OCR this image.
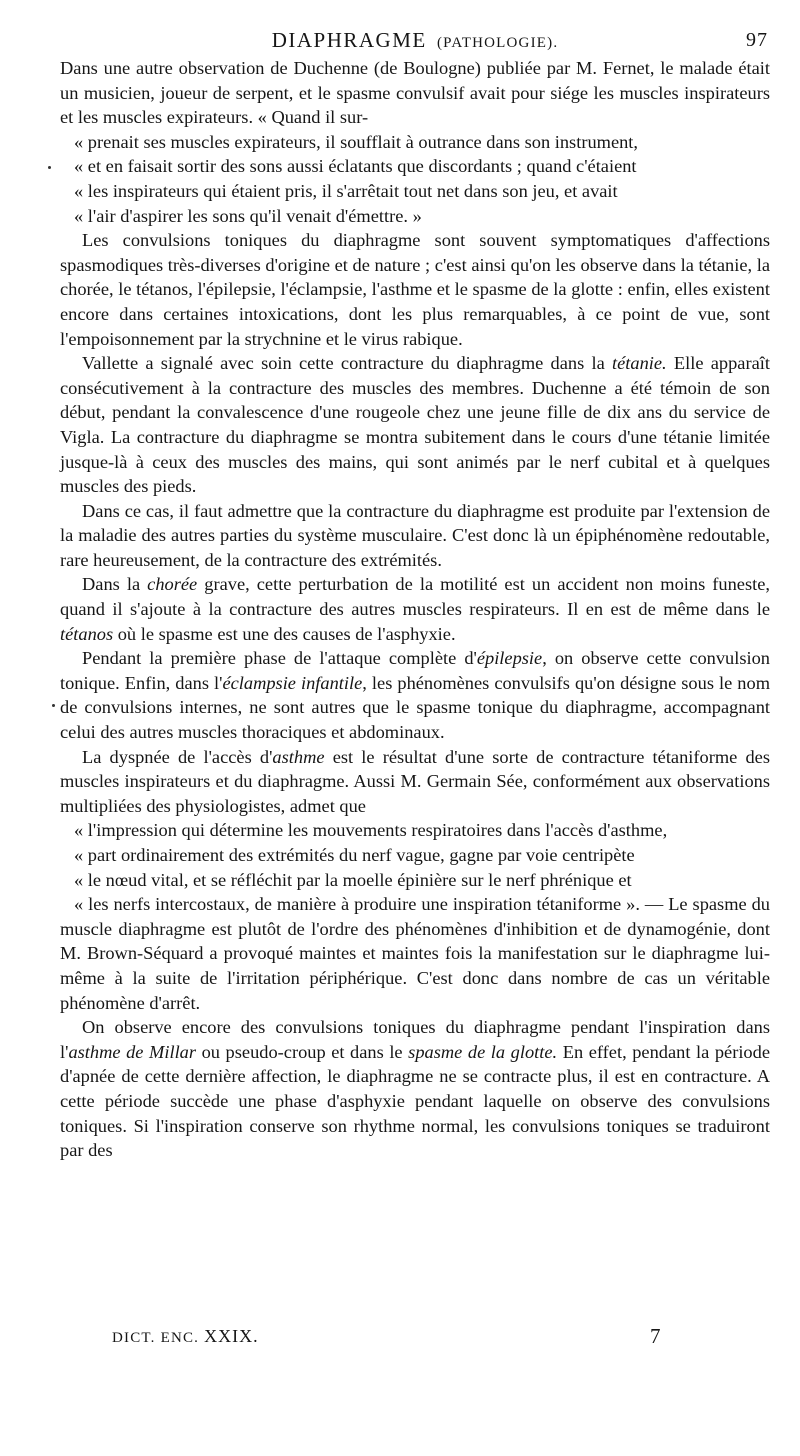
DIAPHRAGME (PATHOLOGIE).	97

Dans une autre observation de Duchenne (de Boulogne) publiée par M. Fernet, le malade était un musicien, joueur de serpent, et le spasme convulsif avait pour siége les muscles inspirateurs et les muscles expirateurs. « Quand il sur-
« prenait ses muscles expirateurs, il soufflait à outrance dans son instrument,
« et en faisait sortir des sons aussi éclatants que discordants ; quand c'étaient
« les inspirateurs qui étaient pris, il s'arrêtait tout net dans son jeu, et avait
« l'air d'aspirer les sons qu'il venait d'émettre. »

Les convulsions toniques du diaphragme sont souvent symptomatiques d'affections spasmodiques très-diverses d'origine et de nature ; c'est ainsi qu'on les observe dans la tétanie, la chorée, le tétanos, l'épilepsie, l'éclampsie, l'asthme et le spasme de la glotte : enfin, elles existent encore dans certaines intoxications, dont les plus remarquables, à ce point de vue, sont l'empoisonnement par la strychnine et le virus rabique.

Vallette a signalé avec soin cette contracture du diaphragme dans la tétanie. Elle apparaît consécutivement à la contracture des muscles des membres. Duchenne a été témoin de son début, pendant la convalescence d'une rougeole chez une jeune fille de dix ans du service de Vigla. La contracture du diaphragme se montra subitement dans le cours d'une tétanie limitée jusque-là à ceux des muscles des mains, qui sont animés par le nerf cubital et à quelques muscles des pieds.

Dans ce cas, il faut admettre que la contracture du diaphragme est produite par l'extension de la maladie des autres parties du système musculaire. C'est donc là un épiphénomène redoutable, rare heureusement, de la contracture des extrémités.

Dans la chorée grave, cette perturbation de la motilité est un accident non moins funeste, quand il s'ajoute à la contracture des autres muscles respirateurs. Il en est de même dans le tétanos où le spasme est une des causes de l'asphyxie.

Pendant la première phase de l'attaque complète d'épilepsie, on observe cette convulsion tonique. Enfin, dans l'éclampsie infantile, les phénomènes convulsifs qu'on désigne sous le nom de convulsions internes, ne sont autres que le spasme tonique du diaphragme, accompagnant celui des autres muscles thoraciques et abdominaux.

La dyspnée de l'accès d'asthme est le résultat d'une sorte de contracture tétaniforme des muscles inspirateurs et du diaphragme. Aussi M. Germain Sée, conformément aux observations multipliées des physiologistes, admet que
« l'impression qui détermine les mouvements respiratoires dans l'accès d'asthme,
« part ordinairement des extrémités du nerf vague, gagne par voie centripète
« le nœud vital, et se réfléchit par la moelle épinière sur le nerf phrénique et
« les nerfs intercostaux, de manière à produire une inspiration tétaniforme ». — Le spasme du muscle diaphragme est plutôt de l'ordre des phénomènes d'inhibition et de dynamogénie, dont M. Brown-Séquard a provoqué maintes et maintes fois la manifestation sur le diaphragme lui-même à la suite de l'irritation périphérique. C'est donc dans nombre de cas un véritable phénomène d'arrêt.

On observe encore des convulsions toniques du diaphragme pendant l'inspiration dans l'asthme de Millar ou pseudo-croup et dans le spasme de la glotte. En effet, pendant la période d'apnée de cette dernière affection, le diaphragme ne se contracte plus, il est en contracture. A cette période succède une phase d'asphyxie pendant laquelle on observe des convulsions toniques. Si l'inspiration conserve son rhythme normal, les convulsions toniques se traduiront par des

DICT. ENC. XXIX.	7
